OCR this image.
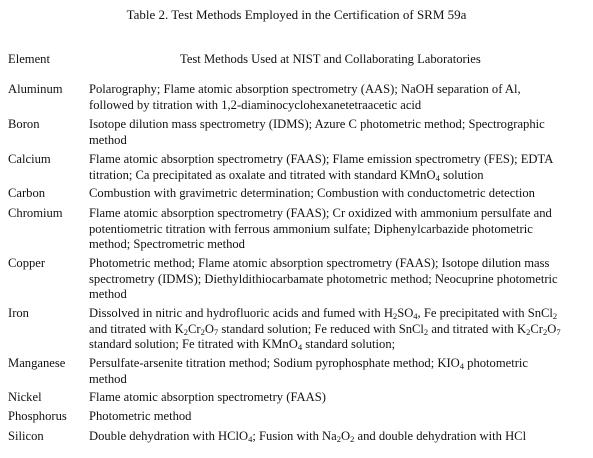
Table 2. Test Methods Employed in the Certification of SRM 59a
Element	Test Methods Used at NIST and Collaborating Laboratories
Aluminum Polarography; Flame atomic absorption spectrometry (AAS); NaOH separation of Al,
followed by titration with 1,2-diaminocyclohexanetetraacetic acid
Boron	Isotope dilution mass spectrometry (IDMS); Azure C photometric method; Spectrographic
method
Calcium	Flame atomic absorption spectrometry (FAAS); Flame emission spectrometry (FES); EDTA
titration; Ca precipitated as oxalate and titrated with standard KMnO$_4$ solution
Carbon	Combustion with gravimetric determination; Combustion with conductometric detection
Chromium Flame atomic absorption spectrometry (FAAS); Cr oxidized with ammonium persulfate and
potentiometric titration with ferrous ammonium sulfate; Diphenylcarbazide photometric
method; Spectrometric method
Copper	Photometric method; Flame atomic absorption spectrometry (FAAS); Isotope dilution mass
spectrometry (IDMS); Diethyldithiocarbamate photometric method; Neocuprine photometric
method
Iron	Dissolved in nitric and hydrofluoric acids and fumed with $H_2SO_4$, Fe precipitated with SnCl$_2$
and titrated with $K_2Cr_2O_7$ standard solution; Fe reduced with SnCl$_2$ and titrated with $K_2Cr_2O_7$
standard solution; Fe titrated with KMnO$_4$ standard solution;
Manganese Persulfate-arsenite titration method; Sodium pyrophosphate method; $KIO_4$ photometric
method
Nickel	Flame atomic absorption spectrometry (FAAS)
Phosphorus Photometric method
Silicon	Double dehydration with HClO$_4$; Fusion with $Na_2O_2$ and double dehydration with HCl
